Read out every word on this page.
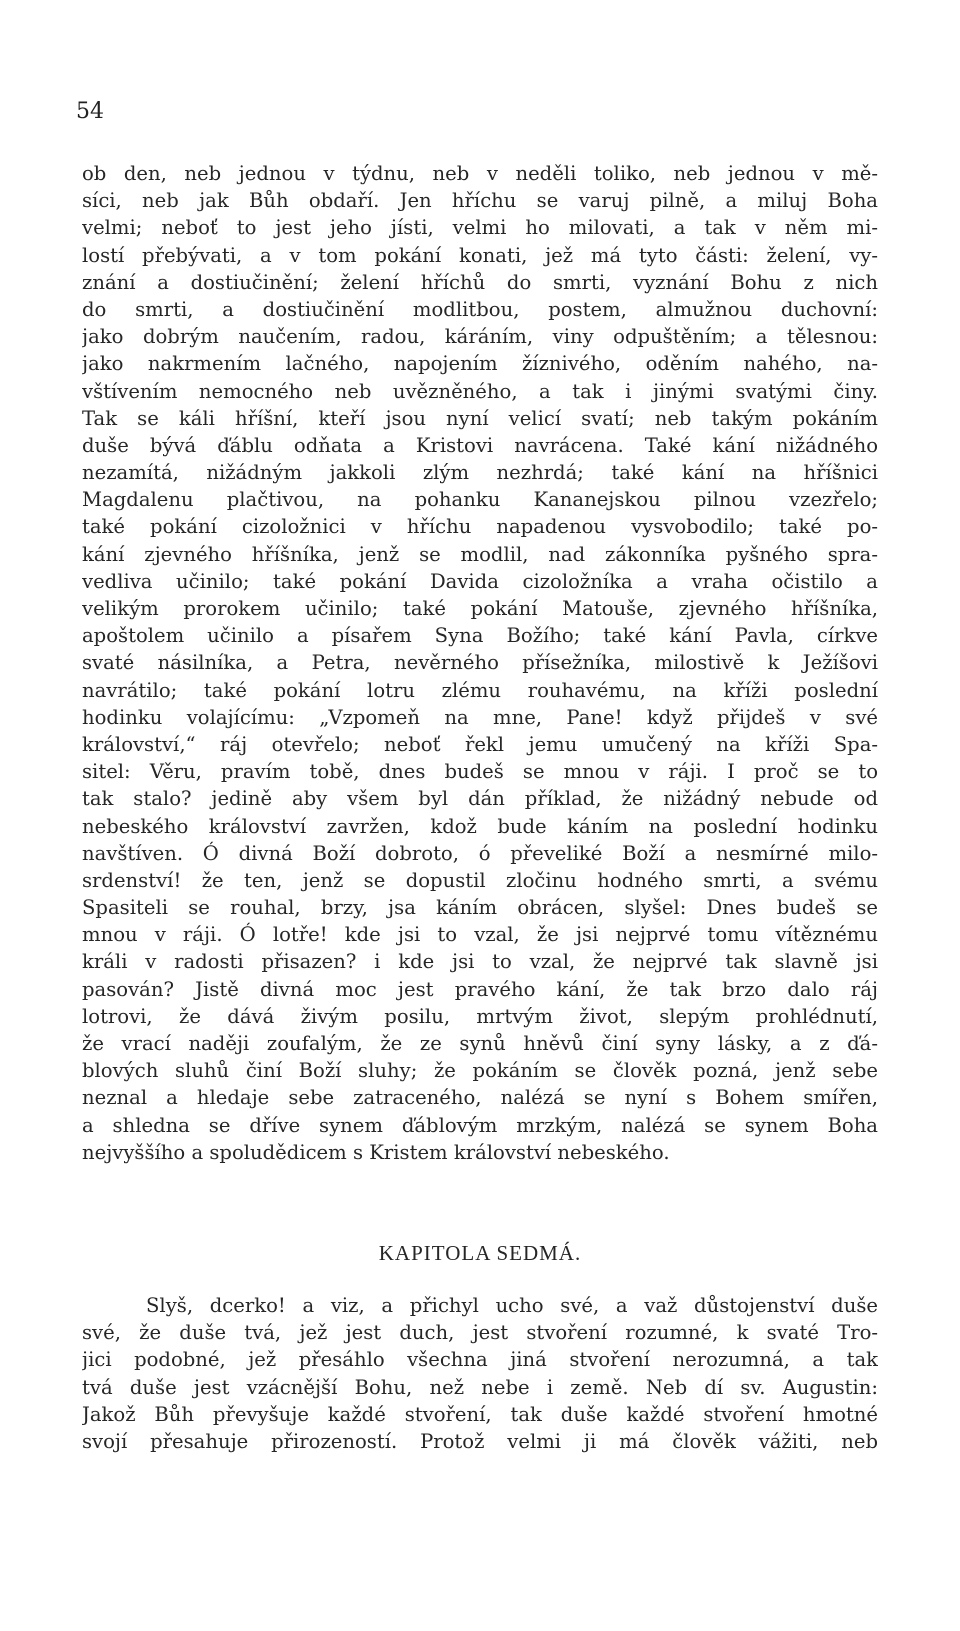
54
ob den, neb jednou v týdnu, neb v neděli toliko, neb jednou v mě-
síci, neb jak Bůh obdaří. Jen hříchu se varuj pilně, a miluj Boha
velmi; neboť to jest jeho jísti, velmi ho milovati, a tak v něm mi-
lostí přebývati, a v tom pokání konati, jež má tyto části: želení, vy-
znání a dostiučinění; želení hříchů do smrti, vyznání Bohu z nich
do smrti, a dostiučinění modlitbou, postem, almužnou duchovní:
jako dobrým naučením, radou, káráním, viny odpuštěním; a tělesnou:
jako nakrmením lačného, napojením žíznivého, oděním nahého, na-
vštívením nemocného neb uvězněného, a tak i jinými svatými činy.
Tak se káli hříšní, kteří jsou nyní velicí svatí; neb takým pokáním
duše bývá ďáblu odňata a Kristovi navrácena. Také kání nižádného
nezamítá, nižádným jakkoli zlým nezhrdá; také kání na hříšnici
Magdalenu plačtivou, na pohanku Kananejskou pilnou vzezřelo;
také pokání cizoložnici v hříchu napadenou vysvobodilo; také po-
kání zjevného hříšníka, jenž se modlil, nad zákonníka pyšného spra-
vedliva učinilo; také pokání Davida cizoložníka a vraha očistilo a
velikým prorokem učinilo; také pokání Matouše, zjevného hříšníka,
apoštolem učinilo a písařem Syna Božího; také kání Pavla, církve
svaté násilníka, a Petra, nevěrného přísežníka, milostivě k Ježíšovi
navrátilo; také pokání lotru zlému rouhavému, na kříži poslední
hodinku volajícímu: „Vzpomeň na mne, Pane! když přijdeš v své
království,“ ráj otevřelo; neboť řekl jemu umučený na kříži Spa-
sitel: Věru, pravím tobě, dnes budeš se mnou v ráji. I proč se to
tak stalo? jedině aby všem byl dán příklad, že nižádný nebude od
nebeského království zavržen, kdož bude káním na poslední hodinku
navštíven. Ó divná Boží dobroto, ó převeliké Boží a nesmírné milo-
srdenství! že ten, jenž se dopustil zločinu hodného smrti, a svému
Spasiteli se rouhal, brzy, jsa káním obrácen, slyšel: Dnes budeš se
mnou v ráji. Ó lotře! kde jsi to vzal, že jsi nejprvé tomu vítěznému
králi v radosti přisazen? i kde jsi to vzal, že nejprvé tak slavně jsi
pasován? Jistě divná moc jest pravého kání, že tak brzo dalo ráj
lotrovi, že dává živým posilu, mrtvým život, slepým prohlédnutí,
že vrací naději zoufalým, že ze synů hněvů činí syny lásky, a z ďá-
blových sluhů činí Boží sluhy; že pokáním se člověk pozná, jenž sebe
neznal a hledaje sebe zatraceného, nalézá se nyní s Bohem smířen,
a shledna se dříve synem ďáblovým mrzkým, nalézá se synem Boha
nejvyššího a spoludědicem s Kristem království nebeského.
KAPITOLA SEDMÁ.
Slyš, dcerko! a viz, a přichyl ucho své, a važ důstojenství duše
své, že duše tvá, jež jest duch, jest stvoření rozumné, k svaté Tro-
jici podobné, jež přesáhlo všechna jiná stvoření nerozumná, a tak
tvá duše jest vzácnější Bohu, než nebe i země. Neb dí sv. Augustin:
Jakož Bůh převyšuje každé stvoření, tak duše každé stvoření hmotné
svojí přesahuje přirozeností. Protož velmi ji má člověk vážiti, neb
